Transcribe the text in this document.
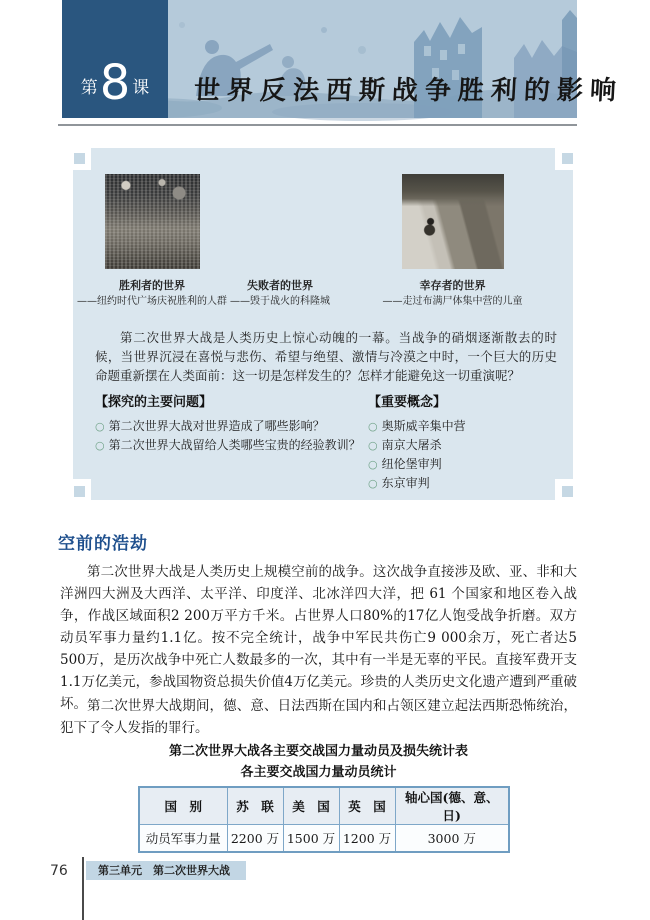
第 8 课 世界反法西斯战争胜利的影响
胜利者的世界
——纽约时代广场庆祝胜利的人群
失败者的世界
——毁于战火的科隆城
幸存者的世界
——走过布满尸体集中营的儿童

第二次世界大战是人类历史上惊心动魄的一幕。当战争的硝烟逐渐散去的时候，当世界沉浸在喜悦与悲伤、希望与绝望、激情与冷漠之中时，一个巨大的历史命题重新摆在人类面前：这一切是怎样发生的？怎样才能避免这一切重演呢？

【探究的主要问题】

○ 第二次世界大战对世界造成了哪些影响？

○ 第二次世界大战留给人类哪些宝贵的经验教训？

【重要概念】

○ 奥斯威辛集中营

○ 南京大屠杀

○ 纽伦堡审判

○ 东京审判

空前的浩劫

第二次世界大战是人类历史上规模空前的战争。这次战争直接涉及欧、亚、非和大洋洲四大洲及大西洋、太平洋、印度洋、北冰洋四大洋，把 61 个国家和地区卷入战争，作战区域面积2 200万平方千米。占世界人口80%的17亿人饱受战争折磨。双方动员军事力量约1.1亿。按不完全统计，战争中军民共伤亡9 000余万，死亡者达5 500万，是历次战争中死亡人数最多的一次，其中有一半是无辜的平民。直接军费开支1.1万亿美元，参战国物资总损失价值4万亿美元。珍贵的人类历史文化遗产遭到严重破坏。 第二次世界大战期间，德、意、日法西斯在国内和占领区建立起法西斯恐怖统治，犯下了令人发指的罪行。

第二次世界大战各主要交战国力量动员及损失统计表
各主要交战国力量动员统计
国　别	苏　联	美　国	英　国	轴心国(德、意、日)
动员军事力量	2200 万	1500 万	1200 万	3000 万
76	第三单元　第二次世界大战
